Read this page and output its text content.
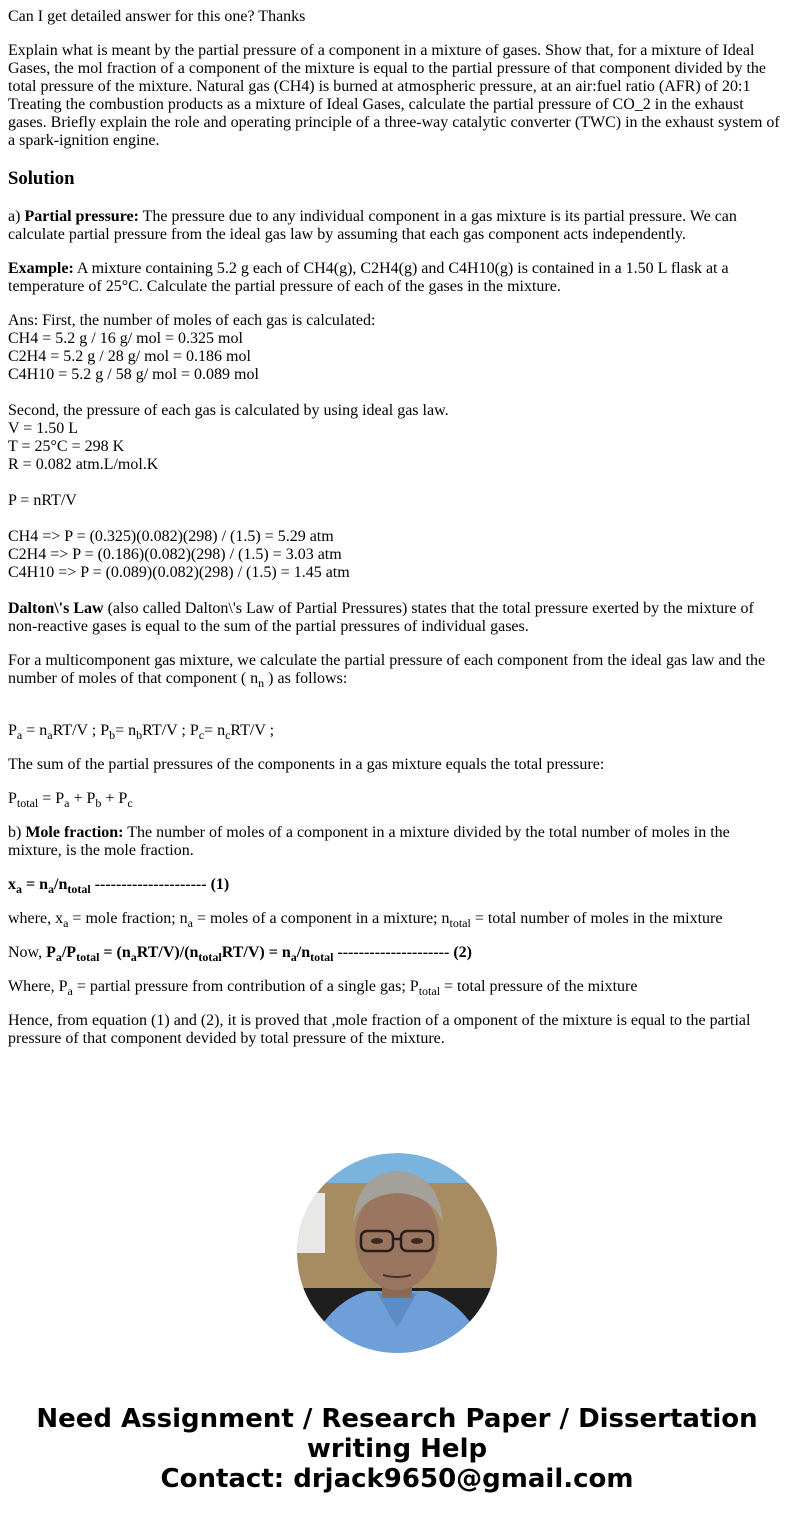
Can I get detailed answer for this one? Thanks

Explain what is meant by the partial pressure of a component in a mixture of gases. Show that, for a mixture of Ideal Gases, the mol fraction of a component of the mixture is equal to the partial pressure of that component divided by the total pressure of the mixture. Natural gas (CH4) is burned at atmospheric pressure, at an air:fuel ratio (AFR) of 20:1 Treating the combustion products as a mixture of Ideal Gases, calculate the partial pressure of CO_2 in the exhaust gases. Briefly explain the role and operating principle of a three-way catalytic converter (TWC) in the exhaust system of a spark-ignition engine.

Solution

a) Partial pressure: The pressure due to any individual component in a gas mixture is its partial pressure. We can calculate partial pressure from the ideal gas law by assuming that each gas component acts independently.

Example: A mixture containing 5.2 g each of CH4(g), C2H4(g) and C4H10(g) is contained in a 1.50 L flask at a temperature of 25°C. Calculate the partial pressure of each of the gases in the mixture.

Ans: First, the number of moles of each gas is calculated:
CH4 = 5.2 g / 16 g/ mol = 0.325 mol
C2H4 = 5.2 g / 28 g/ mol = 0.186 mol
C4H10 = 5.2 g / 58 g/ mol = 0.089 mol
Second, the pressure of each gas is calculated by using ideal gas law.
V = 1.50 L
T = 25°C = 298 K
R = 0.082 atm.L/mol.K
P = nRT/V
CH4 => P = (0.325)(0.082)(298) / (1.5) = 5.29 atm
C2H4 => P = (0.186)(0.082)(298) / (1.5) = 3.03 atm
C4H10 => P = (0.089)(0.082)(298) / (1.5) = 1.45 atm

Dalton\'s Law (also called Dalton\'s Law of Partial Pressures) states that the total pressure exerted by the mixture of non-reactive gases is equal to the sum of the partial pressures of individual gases.

For a multicomponent gas mixture, we calculate the partial pressure of each component from the ideal gas law and the number of moles of that component ( $n_n$ ) as follows:

$P_a = n_aRT/V$ ; $P_b= n_bRT/V$ ; $P_c= n_cRT/V$ ;

The sum of the partial pressures of the components in a gas mixture equals the total pressure:

$P_{total} = P_a + P_b + P_c$

b) Mole fraction: The number of moles of a component in a mixture divided by the total number of moles in the mixture, is the mole fraction.

$x_a = n_a/n_{total}$ --------------------- (1)

where, $x_a$ = mole fraction; $n_a$ = moles of a component in a mixture; $n_{total}$ = total number of moles in the mixture

Now, $P_a/P_{total} = (n_aRT/V)/(n_{total}RT/V) = n_a/n_{total}$ --------------------- (2)

Where, $P_a$ = partial pressure from contribution of a single gas; $P_{total}$ = total pressure of the mixture

Hence, from equation (1) and (2), it is proved that ,mole fraction of a omponent of the mixture is equal to the partial pressure of that component devided by total pressure of the mixture.

Need Assignment / Research Paper / Dissertation
writing Help
Contact: drjack9650@gmail.com
